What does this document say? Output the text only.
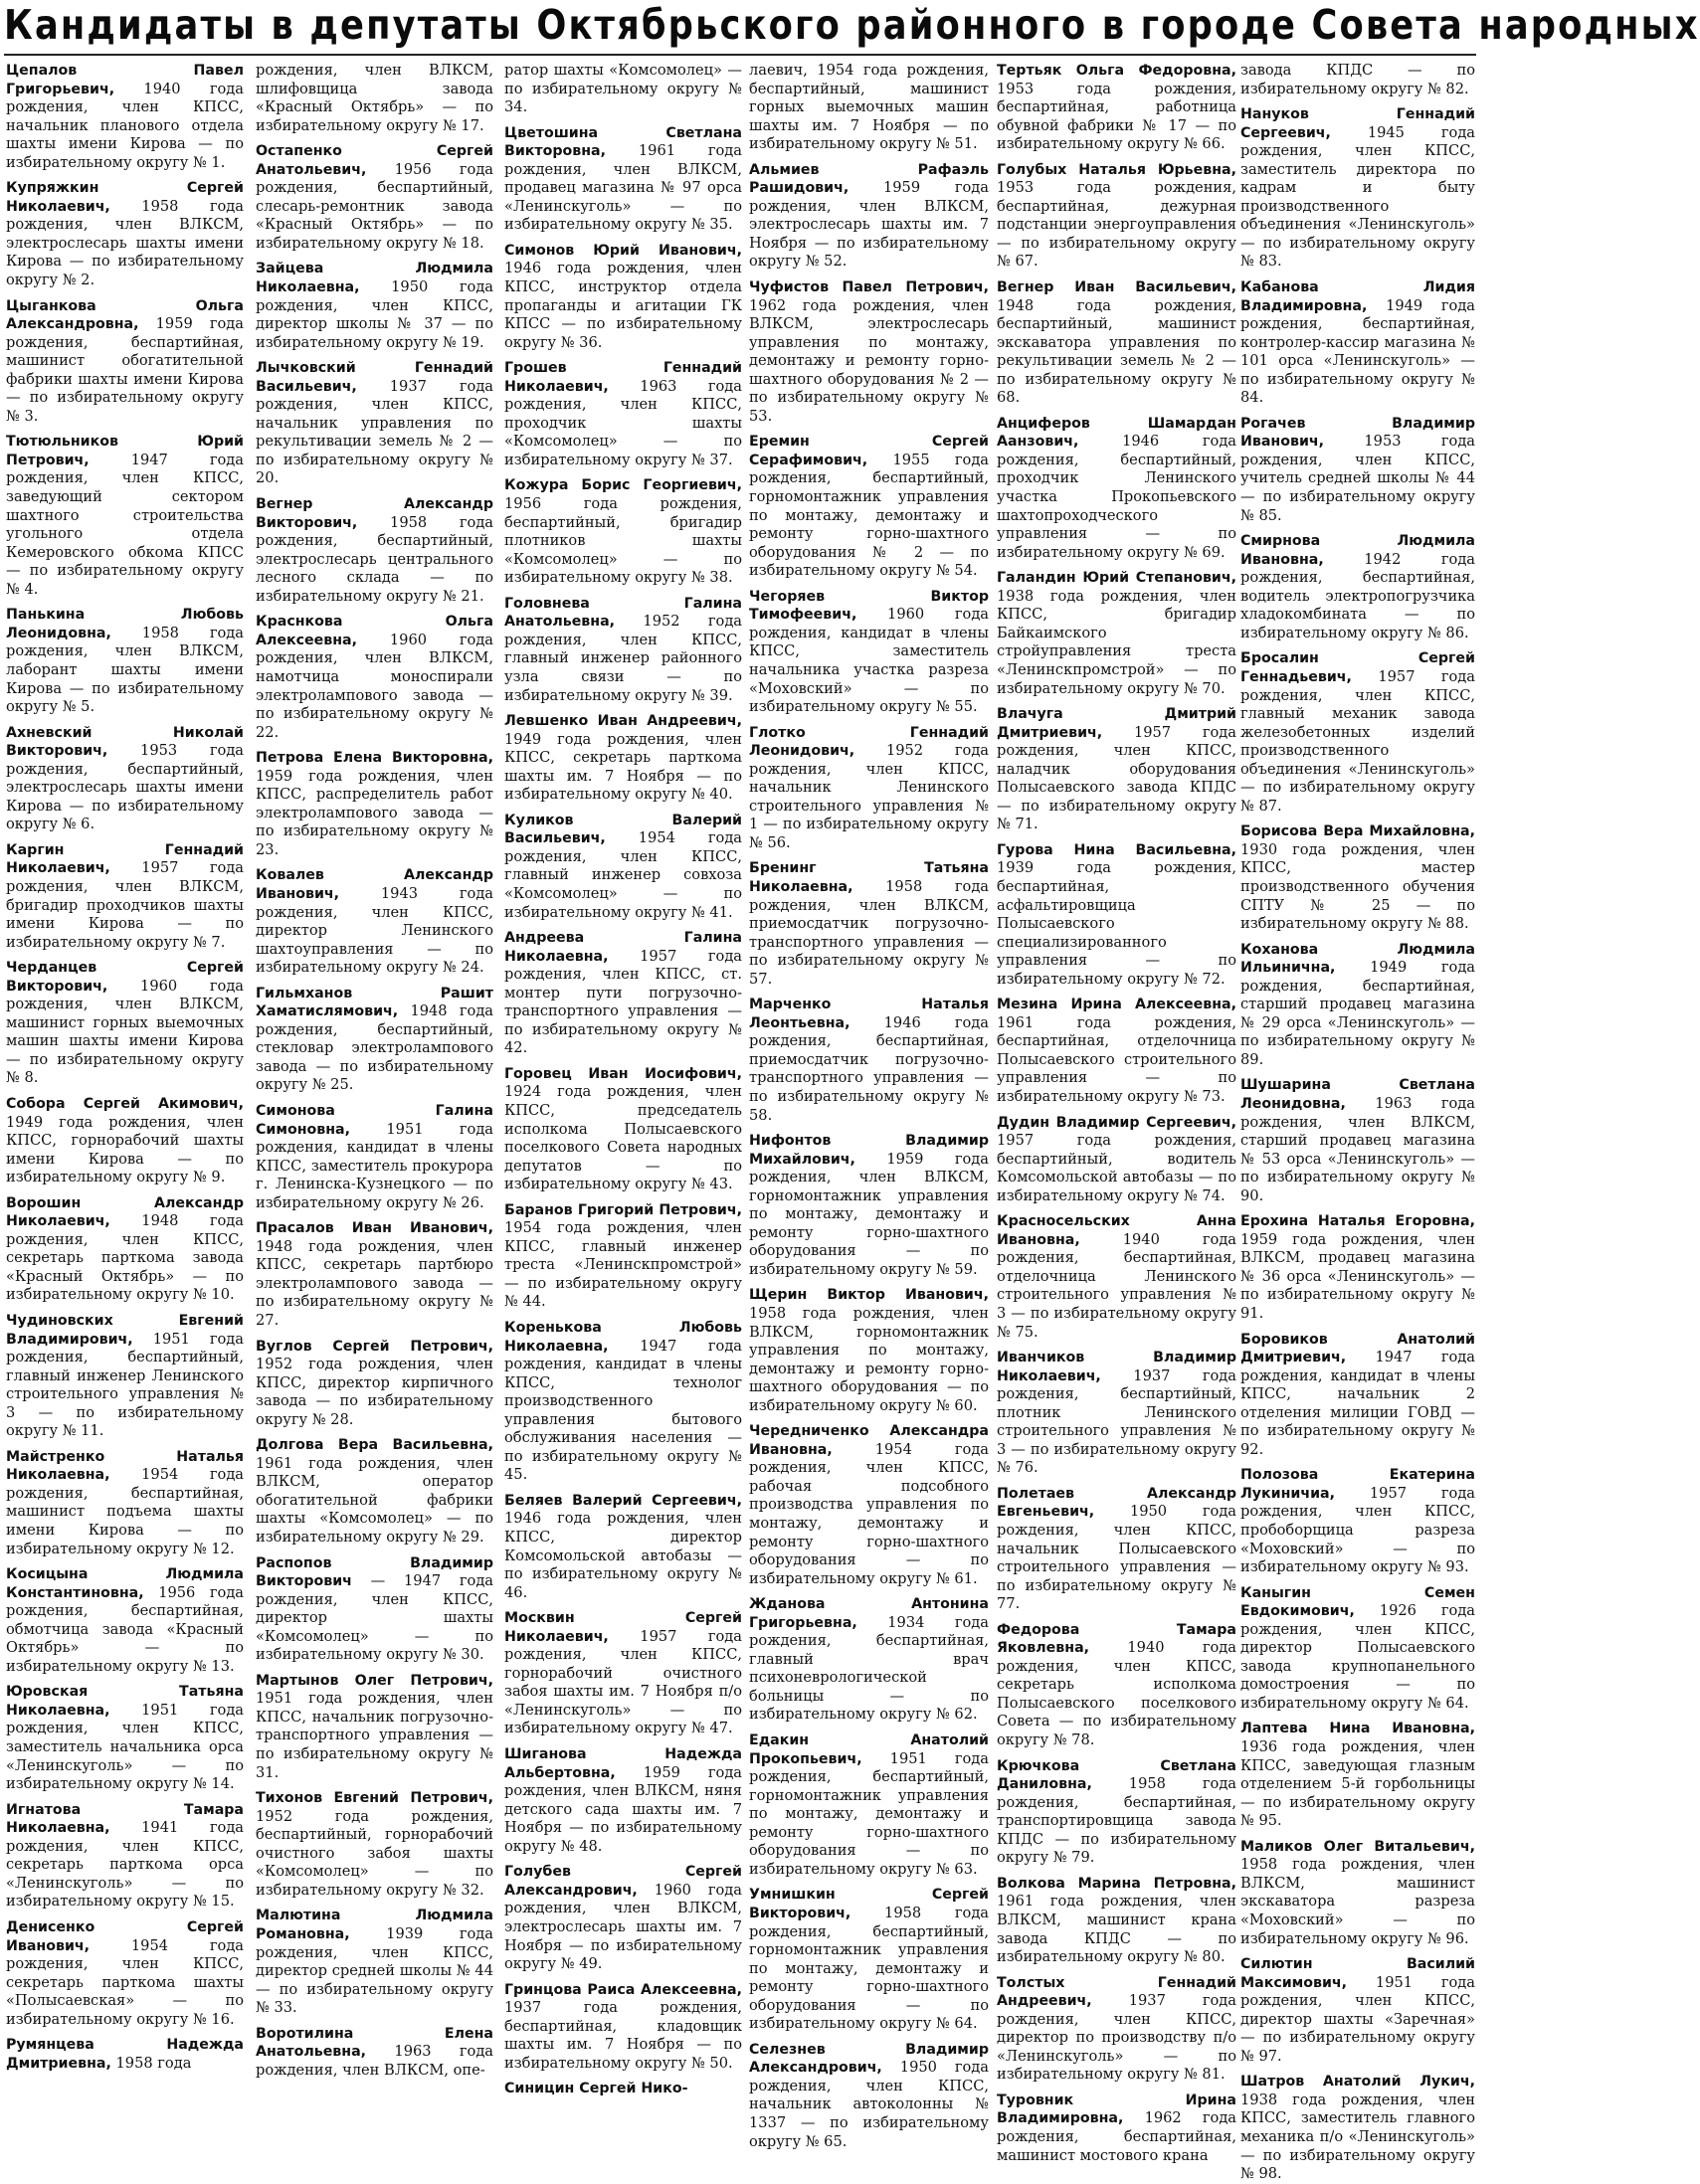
Кандидаты в депутаты Октябрьского районного в городе Совета народных
Цепалов Павел Григорьевич, 1940 года рождения, член КПСС, начальник планового отдела шахты имени Кирова — по избирательному округу № 1.
Купряжкин Сергей Николаевич, 1958 года рождения, член ВЛКСМ, электрослесарь шахты имени Кирова — по избирательному округу № 2.
Цыганкова Ольга Александровна, 1959 года рождения, беспартийная, машинист обогатительной фабрики шахты имени Кирова — по избирательному округу № 3.
Тютюльников Юрий Петрович,	1947 года рождения, член КПСС, заведующий сектором шахтного строительства угольного отдела Кемеровского обкома КПСС — по избирательному округу № 4.
Панькина Любовь Леонидовна, 1958 года рождения, член ВЛКСМ, лаборант шахты имени Кирова — по избирательному округу № 5.
Ахневский Николай Викторович, 1953 года рождения, беспартийный, электрослесарь шахты имени Кирова — по избирательному округу № 6.
Каргин Геннадий Николаевич, 1957 года рождения, член ВЛКСМ, бригадир проходчиков шахты имени Кирова — по избирательному округу № 7.
Черданцев Сергей Викторович, 1960 года рождения, член ВЛКСМ, машинист горных выемочных машин шахты имени Кирова — по избирательному округу № 8.
Собора Сергей Акимович, 1949 года рождения, член КПСС, горнорабочий шахты имени Кирова — по избирательному округу № 9.
Ворошин Александр Николаевич, 1948 года рождения, член КПСС, секретарь парткома завода «Красный Октябрь» — по избирательному округу № 10.
Чудиновских Евгений Владимирович, 1951 года рождения, беспартийный, главный инженер Ленинского строительного управления № 3 — по избирательному округу № 11.
Майстренко Наталья Николаевна, 1954 года рождения, беспартийная, машинист подъема шахты имени Кирова — по избирательному округу № 12.
Косицына Людмила Константиновна, 1956 года рождения, беспартийная, обмотчица завода «Красный Октябрь» — по избирательному округу № 13.
Юровская Татьяна Николаевна, 1951 года рождения, член КПСС, заместитель начальника орса «Ленинскуголь» — по избирательному округу № 14.
Игнатова Тамара Николаевна, 1941 года рождения, член КПСС, секретарь парткома орса «Ленинскуголь» — по избирательному округу № 15.
Денисенко Сергей Иванович,	1954 года рождения, член КПСС, секретарь парткома шахты «Полысаевская» — по избирательному округу № 16.
Румянцева Надежда Дмитриевна, 1958 года
рождения, член ВЛКСМ, шлифовщица завода «Красный Октябрь» — по избирательному округу № 17.
Остапенко Сергей Анатольевич, 1956 года рождения, беспартийный, слесарь-ремонтник завода «Красный Октябрь» — по избирательному округу № 18.
Зайцева Людмила Николаевна, 1950 года рождения, член КПСС, директор школы № 37 — по избирательному округу № 19.
Лычковский Геннадий Васильевич, 1937 года рождения, член КПСС, начальник управления по рекультивации земель № 2 — по избирательному округу № 20.
Вегнер Александр Викторович, 1958 года рождения, беспартийный, электрослесарь центрального лесного склада — по избирательному округу № 21.
Краснкова Ольга Алексеевна, 1960 года рождения, член ВЛКСМ, намотчица моноспирали электролампового завода — по избирательному округу № 22.
Петрова Елена Викторовна, 1959 года рождения, член КПСС, распределитель работ электролампового завода — по избирательному округу № 23.
Ковалев Александр Иванович,	1943 года рождения, член КПСС, директор Ленинского шахтоуправления — по избирательному округу № 24.
Гильмханов Рашит Хаматислямович, 1948 года рождения, беспартийный, стекловар электролампового завода — по избирательному округу № 25.
Симонова Галина Симоновна, 1951 года рождения, кандидат в члены КПСС, заместитель прокурора г. Ленинска-Кузнецкого — по избирательному округу № 26.
Прасалов Иван Иванович, 1948 года рождения, член КПСС, секретарь партбюро электролампового завода — по избирательному округу № 27.
Вуглов Сергей Петрович, 1952 года рождения, член КПСС, директор кирпичного завода — по избирательному округу № 28.
Долгова Вера Васильевна, 1961 года рождения, член ВЛКСМ, оператор обогатительной фабрики шахты «Комсомолец» — по избирательному округу № 29.
Распопов Владимир Викторович — 1947 года рождения, член КПСС, директор шахты «Комсомолец» — по избирательному округу № 30.
Мартынов Олег Петрович, 1951 года рождения, член КПСС, начальник погрузочно-транспортного управления — по избирательному округу № 31.
Тихонов Евгений Петрович, 1952 года рождения, беспартийный, горнорабочий очистного забоя шахты «Комсомолец» — по избирательному округу № 32.
Малютина Людмила Романовна,	1939 года рождения, член КПСС, директор средней школы № 44 — по избирательному округу № 33.
Воротилина Елена Анатольевна, 1963 года рождения, член ВЛКСМ, опе-
ратор шахты «Комсомолец» — по избирательному округу № 34.
Цветошина Светлана Викторовна, 1961 года рождения, член ВЛКСМ, продавец магазина № 97 орса «Ленинскуголь» — по избирательному округу № 35.
Симонов Юрий Иванович, 1946 года рождения, член КПСС, инструктор отдела пропаганды и агитации ГК КПСС — по избирательному округу № 36.
Грошев Геннадий Николаевич, 1963 года рождения, член КПСС, проходчик шахты «Комсомолец» — по избирательному округу № 37.
Кожура Борис Георгиевич, 1956 года рождения, беспартийный, бригадир плотников шахты «Комсомолец» — по избирательному округу № 38.
Головнева Галина Анатольевна, 1952 года рождения, член КПСС, главный инженер районного узла связи — по избирательному округу № 39.
Левшенко Иван Андреевич, 1949 года рождения, член КПСС, секретарь парткома шахты им. 7 Ноября — по избирательному округу № 40.
Куликов Валерий Васильевич, 1954 года рождения, член КПСС, главный инженер совхоза «Комсомолец» — по избирательному округу № 41.
Андреева Галина Николаевна, 1957 года рождения, член КПСС, ст. монтер пути погрузочно-транспортного управления — по избирательному округу № 42.
Горовец Иван Иосифович, 1924 года рождения, член КПСС, председатель исполкома Полысаевского поселкового Совета народных депутатов — по избирательному округу № 43.
Баранов Григорий Петрович, 1954 года рождения, член КПСС, главный инженер треста «Ленинскпромстрой» — по избирательному округу № 44.
Коренькова Любовь Николаевна, 1947 года рождения, кандидат в члены КПСС, технолог производственного управления бытового обслуживания населения — по избирательному округу № 45.
Беляев Валерий Сергеевич, 1946 года рождения, член КПСС, директор Комсомольской автобазы — по избирательному округу № 46.
Москвин Сергей Николаевич, 1957 года рождения, член КПСС, горнорабочий очистного забоя шахты им. 7 Ноября п/о «Ленинскуголь» — по избирательному округу № 47.
Шиганова Надежда Альбертовна, 1959 года рождения, член ВЛКСМ, няня детского сада шахты им. 7 Ноября — по избирательному округу № 48.
Голубев Сергей Александрович, 1960 года рождения, член ВЛКСМ, электрослесарь шахты им. 7 Ноября — по избирательному округу № 49.
Гринцова Раиса Алексеевна, 1937 года рождения, беспартийная, кладовщик шахты им. 7 Ноября — по избирательному округу № 50.
Синицин Сергей Нико-
лаевич, 1954 года рождения, беспартийный, машинист горных выемочных машин шахты им. 7 Ноября — по избирательному округу № 51.
Альмиев Рафаэль Рашидович, 1959 года рождения, член ВЛКСМ, электрослесарь шахты им. 7 Ноября — по избирательному округу № 52.
Чуфистов Павел Петрович, 1962 года рождения, член ВЛКСМ, электрослесарь управления по монтажу, демонтажу и ремонту горно-шахтного оборудования № 2 — по избирательному округу № 53.
Еремин Сергей Серафимович, 1955 года рождения, беспартийный, горномонтажник управления по монтажу, демонтажу и ремонту горно-шахтного оборудования № 2 — по избирательному округу № 54.
Чегоряев Виктор Тимофеевич, 1960 года рождения, кандидат в члены КПСС, заместитель начальника участка разреза «Моховский» — по избирательному округу № 55.
Глотко Геннадий Леонидович, 1952 года рождения, член КПСС, начальник Ленинского строительного управления № 1 — по избирательному округу № 56.
Бренинг Татьяна Николаевна, 1958 года рождения, член ВЛКСМ, приемосдатчик погрузочно-транспортного управления — по избирательному округу № 57.
Марченко Наталья Леонтьевна, 1946 года рождения, беспартийная, приемосдатчик погрузочно-транспортного управления — по избирательному округу № 58.
Нифонтов Владимир Михайлович, 1959 года рождения, член ВЛКСМ, горномонтажник управления по монтажу, демонтажу и ремонту горно-шахтного оборудования — по избирательному округу № 59.
Щерин Виктор Иванович, 1958 года рождения, член ВЛКСМ, горномонтажник управления по монтажу, демонтажу и ремонту горно-шахтного оборудования — по избирательному округу № 60.
Чередниченко Александра Ивановна,	1954 года рождения, член КПСС, рабочая подсобного производства управления по монтажу, демонтажу и ремонту горно-шахтного оборудования — по избирательному округу № 61.
Жданова Антонина Григорьевна, 1934 года рождения, беспартийная, главный врач психоневрологической больницы — по избирательному округу № 62.
Едакин Анатолий Прокопьевич, 1951 года рождения, беспартийный, горномонтажник управления по монтажу, демонтажу и ремонту горно-шахтного оборудования — по избирательному округу № 63.
Умнишкин Сергей Викторович, 1958 года рождения, беспартийный, горномонтажник управления по монтажу, демонтажу и ремонту горно-шахтного оборудования — по избирательному округу № 64.
Селезнев Владимир Александрович, 1950 года рождения, член КПСС, начальник автоколонны № 1337 — по избирательному округу № 65.
Тертьяк Ольга Федоровна, 1953 года рождения, беспартийная, работница обувной фабрики № 17 — по избирательному округу № 66.
Голубых Наталья Юрьевна, 1953 года рождения, беспартийная, дежурная подстанции энергоуправления — по избирательному округу № 67.
Вегнер Иван Васильевич, 1948 года рождения, беспартийный, машинист экскаватора управления по рекультивации земель № 2 — по избирательному округу № 68.
Анциферов Шамардан Аанзович,	1946 года рождения, беспартийный, проходчик Ленинского участка Прокопьевского шахтопроходческого управления — по избирательному округу № 69.
Галандин Юрий Степанович, 1938 года рождения, член КПСС, бригадир Байкаимского стройуправления треста «Ленинскпромстрой» — по избирательному округу № 70.
Влачуга Дмитрий Дмитриевич, 1957 года рождения, член КПСС, наладчик оборудования Полысаевского завода КПДС — по избирательному округу № 71.
Гурова Нина Васильевна, 1939 года рождения, беспартийная, асфальтировщица Полысаевского специализированного управления — по избирательному округу № 72.
Мезина Ирина Алексеевна, 1961 года рождения, беспартийная, отделочница Полысаевского строительного управления — по избирательному округу № 73.
Дудин Владимир Сергеевич, 1957 года рождения, беспартийный, водитель Комсомольской автобазы — по избирательному округу № 74.
Красносельских Анна Ивановна,	1940 года рождения, беспартийная, отделочница Ленинского строительного управления № 3 — по избирательному округу № 75.
Иванчиков Владимир Николаевич, 1937 года рождения, беспартийный, плотник Ленинского строительного управления № 3 — по избирательному округу № 76.
Полетаев Александр Евгеньевич, 1950 года рождения, член КПСС, начальник Полысаевского строительного управления — по избирательному округу № 77.
Федорова Тамара Яковлевна,	1940 года рождения, член КПСС, секретарь исполкома Полысаевского поселкового Совета — по избирательному округу № 78.
Крючкова Светлана Даниловна,	1958 года рождения, беспартийная, транспортировщица завода КПДС — по избирательному округу № 79.
Волкова Марина Петровна, 1961 года рождения, член ВЛКСМ, машинист крана завода КПДС — по избирательному округу № 80.
Толстых Геннадий Андреевич,	1937 года рождения, член КПСС, директор по производству п/о «Ленинскуголь» — по избирательному округу № 81.
Туровник Ирина Владимировна, 1962 года рождения, беспартийная, машинист мостового крана
завода КПДС — по избирательному округу № 82.
Нануков Геннадий Сергеевич,	1945 года рождения, член КПСС, заместитель директора по кадрам и быту производственного объединения «Ленинскуголь» — по избирательному округу № 83.
Кабанова Лидия Владимировна, 1949 года рождения, беспартийная, контролер-кассир магазина № 101 орса «Ленинскуголь» — по избирательному округу № 84.
Рогачев Владимир Иванович,	1953 года рождения, член КПСС, учитель средней школы № 44 — по избирательному округу № 85.
Смирнова Людмила Ивановна,	1942 года рождения, беспартийная, водитель электропогрузчика хладокомбината — по избирательному округу № 86.
Бросалин Сергей Геннадьевич, 1957 года рождения, член КПСС, главный механик завода железобетонных изделий производственного объединения «Ленинскуголь» — по избирательному округу № 87.
Борисова Вера Михайловна, 1930 года рождения, член КПСС, мастер производственного обучения СПТУ № 25 — по избирательному округу № 88.
Коханова Людмила Ильинична, 1949 года рождения, беспартийная, старший продавец магазина № 29 орса «Ленинскуголь» — по избирательному округу № 89.
Шушарина Светлана Леонидовна, 1963 года рождения, член ВЛКСМ, старший продавец магазина № 53 орса «Ленинскуголь» — по избирательному округу № 90.
Ерохина Наталья Егоровна, 1959 года рождения, член ВЛКСМ, продавец магазина № 36 орса «Ленинскуголь» — по избирательному округу № 91.
Боровиков Анатолий Дмитриевич, 1947 года рождения, кандидат в члены КПСС, начальник 2 отделения милиции ГОВД — по избирательному округу № 92.
Полозова Екатерина Лукиничиа, 1957 года рождения, член КПСС, пробоборщица разреза «Моховский» — по избирательному округу № 93.
Каныгин Семен Евдокимович, 1926 года рождения, член КПСС, директор Полысаевского завода крупнопанельного домостроения — по избирательному округу № 64.
Лаптева Нина Ивановна, 1936 года рождения, член КПСС, заведующая глазным отделением 5-й горбольницы — по избирательному округу № 95.
Маликов Олег Витальевич, 1958 года рождения, член ВЛКСМ, машинист экскаватора разреза «Моховский» — по избирательному округу № 96.
Силютин Василий Максимович, 1951 года рождения, член КПСС, директор шахты «Заречная» — по избирательному округу № 97.
Шатров Анатолий Лукич, 1938 года рождения, член КПСС, заместитель главного механика п/о «Ленинскуголь» — по избирательному округу № 98.
